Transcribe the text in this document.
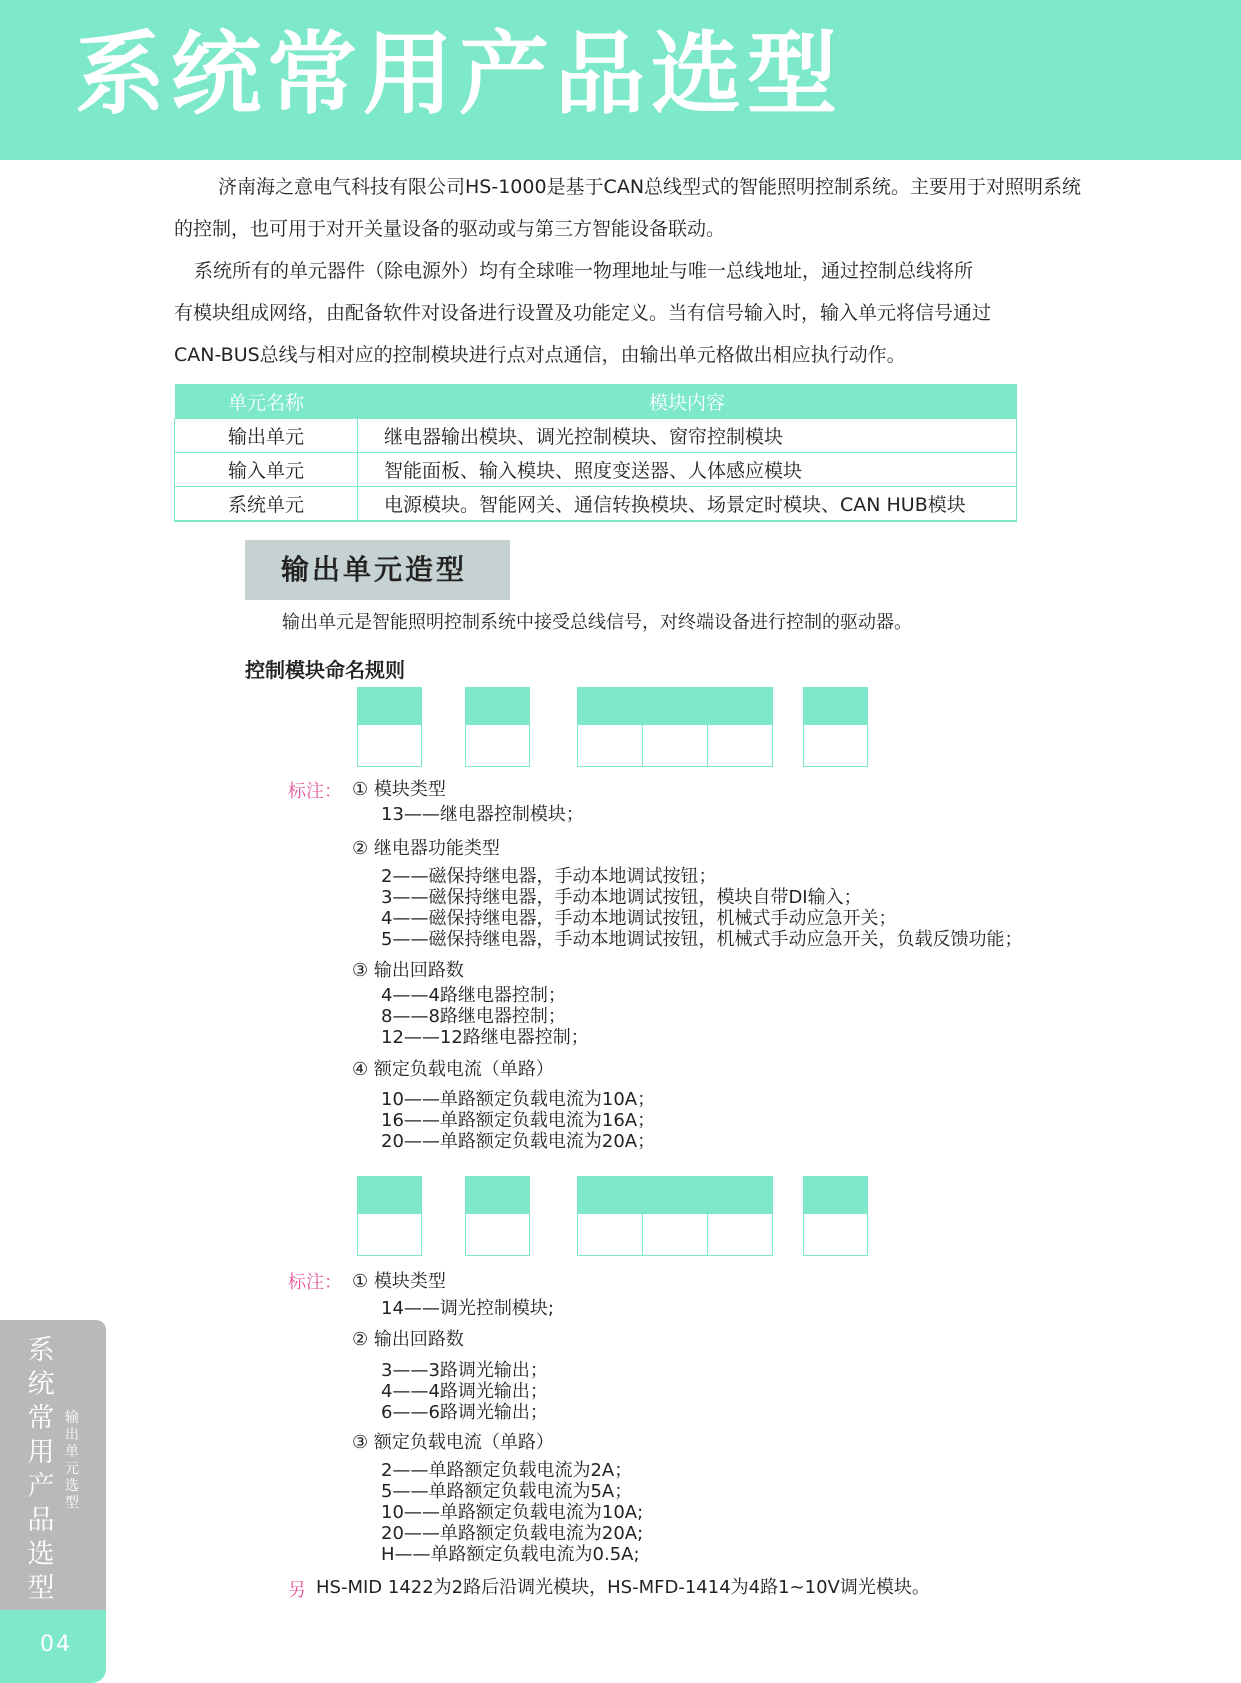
系统常用产品选型
济南海之意电气科技有限公司HS-1000是基于CAN总线型式的智能照明控制系统。主要用于对照明系统
的控制，也可用于对开关量设备的驱动或与第三方智能设备联动。
系统所有的单元器件（除电源外）均有全球唯一物理地址与唯一总线地址，通过控制总线将所
有模块组成网络，由配备软件对设备进行设置及功能定义。当有信号输入时，输入单元将信号通过
CAN-BUS总线与相对应的控制模块进行点对点通信，由输出单元格做出相应执行动作。
单元名称	模块内容
输出单元	继电器输出模块、调光控制模块、窗帘控制模块
输入单元	智能面板、输入模块、照度变送器、人体感应模块
系统单元	电源模块。智能网关、通信转换模块、场景定时模块、CAN HUB模块
输出单元造型
输出单元是智能照明控制系统中接受总线信号，对终端设备进行控制的驱动器。
控制模块命名规则
标注： ① 模块类型
13——继电器控制模块；
② 继电器功能类型
2——磁保持继电器，手动本地调试按钮；
3——磁保持继电器，手动本地调试按钮，模块自带DI输入；
4——磁保持继电器，手动本地调试按钮，机械式手动应急开关；
5——磁保持继电器，手动本地调试按钮，机械式手动应急开关，负载反馈功能；
③ 输出回路数
4——4路继电器控制；
8——8路继电器控制；
12——12路继电器控制；
④ 额定负载电流（单路）
10——单路额定负载电流为10A；
16——单路额定负载电流为16A；
20——单路额定负载电流为20A；
标注： ① 模块类型
14——调光控制模块;
② 输出回路数
3——3路调光输出；
4——4路调光输出；
6——6路调光输出；
③ 额定负载电流（单路）
2——单路额定负载电流为2A；
5——单路额定负载电流为5A；
10——单路额定负载电流为10A;
20——单路额定负载电流为20A;
H——单路额定负载电流为0.5A;
另 HS-MID 1422为2路后沿调光模块，HS-MFD-1414为4路1~10V调光模块。
系统常用产品选型
输出单元选型
04
